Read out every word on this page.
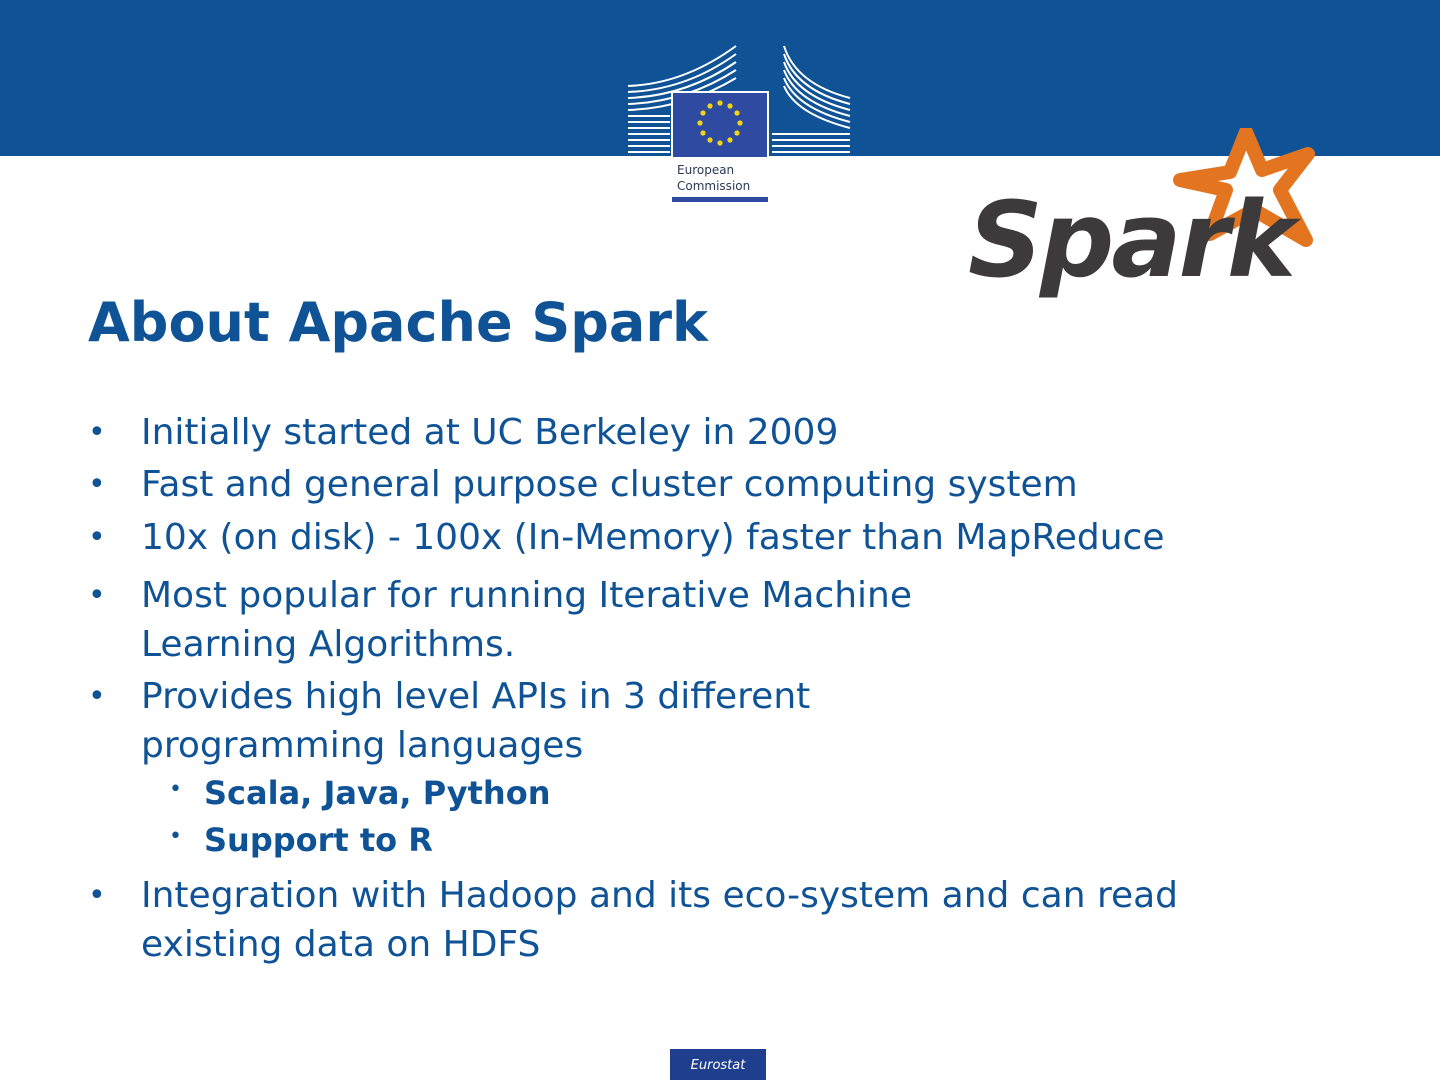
European
Commission Spark
About Apache Spark
• Initially started at UC Berkeley in 2009
• Fast and general purpose cluster computing system
• 10x (on disk) - 100x (In-Memory) faster than MapReduce
• Most popular for running Iterative Machine Learning Algorithms.
• Provides high level APIs in 3 different programming languages
• Scala, Java, Python
• Support to R
• Integration with Hadoop and its eco-system and can read existing data on HDFS
Eurostat
